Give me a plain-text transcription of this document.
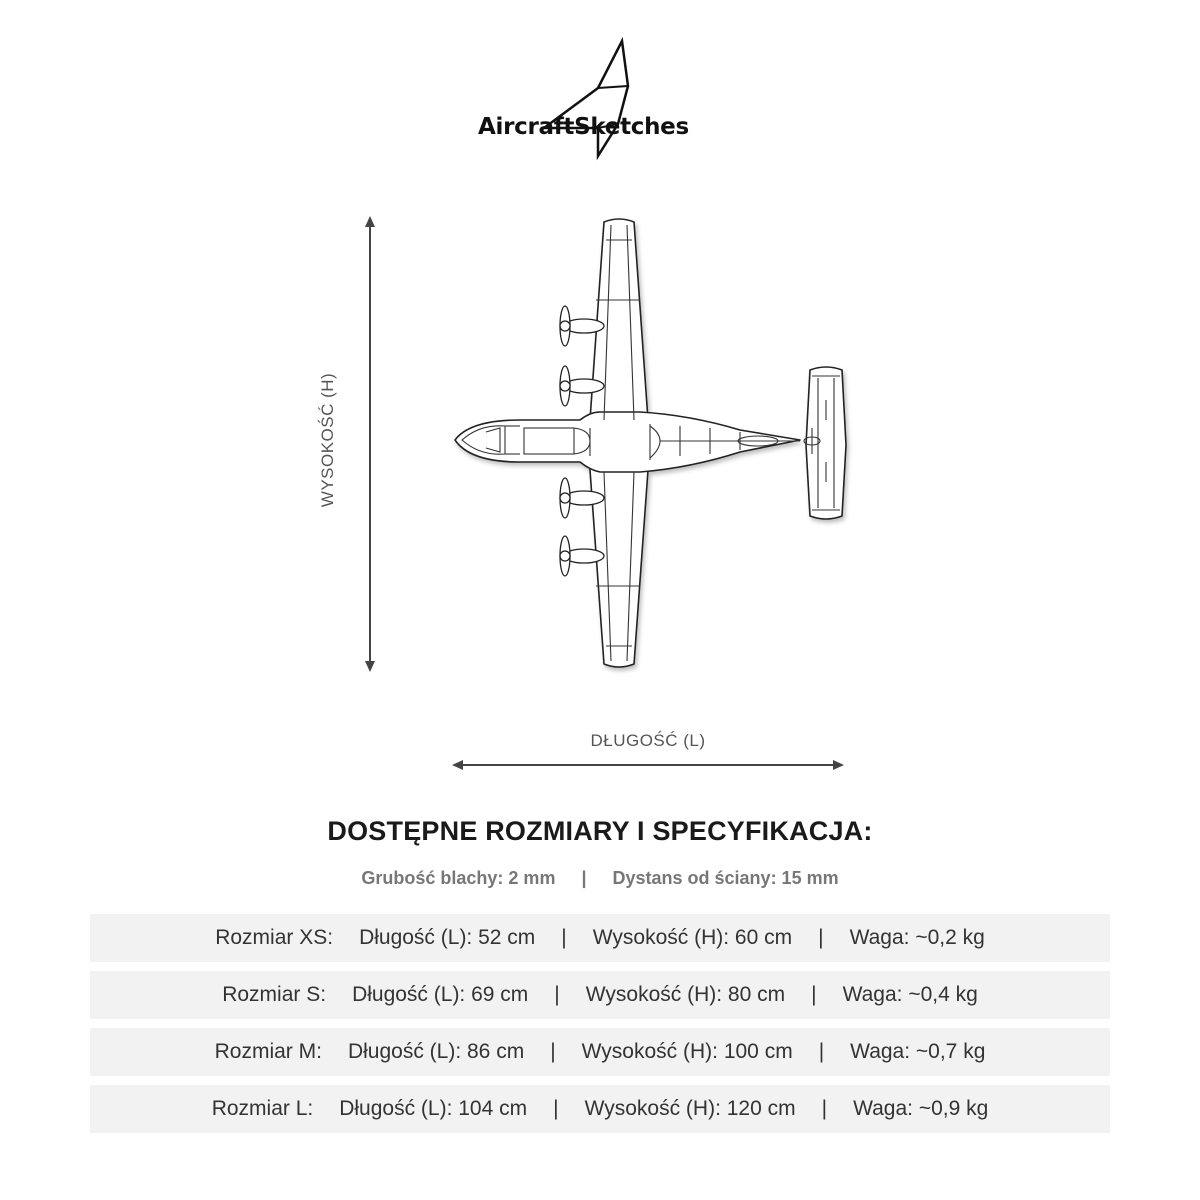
AircraftSketches
WYSOKOŚĆ (H)
DŁUGOŚĆ (L)
DOSTĘPNE ROZMIARY I SPECYFIKACJA:
Grubość blachy: 2 mm | Dystans od ściany: 15 mm
Rozmiar XS: Długość (L): 52 cm | Wysokość (H): 60 cm | Waga: ~0,2 kg
Rozmiar S: Długość (L): 69 cm | Wysokość (H): 80 cm | Waga: ~0,4 kg
Rozmiar M: Długość (L): 86 cm | Wysokość (H): 100 cm | Waga: ~0,7 kg
Rozmiar L: Długość (L): 104 cm | Wysokość (H): 120 cm | Waga: ~0,9 kg
